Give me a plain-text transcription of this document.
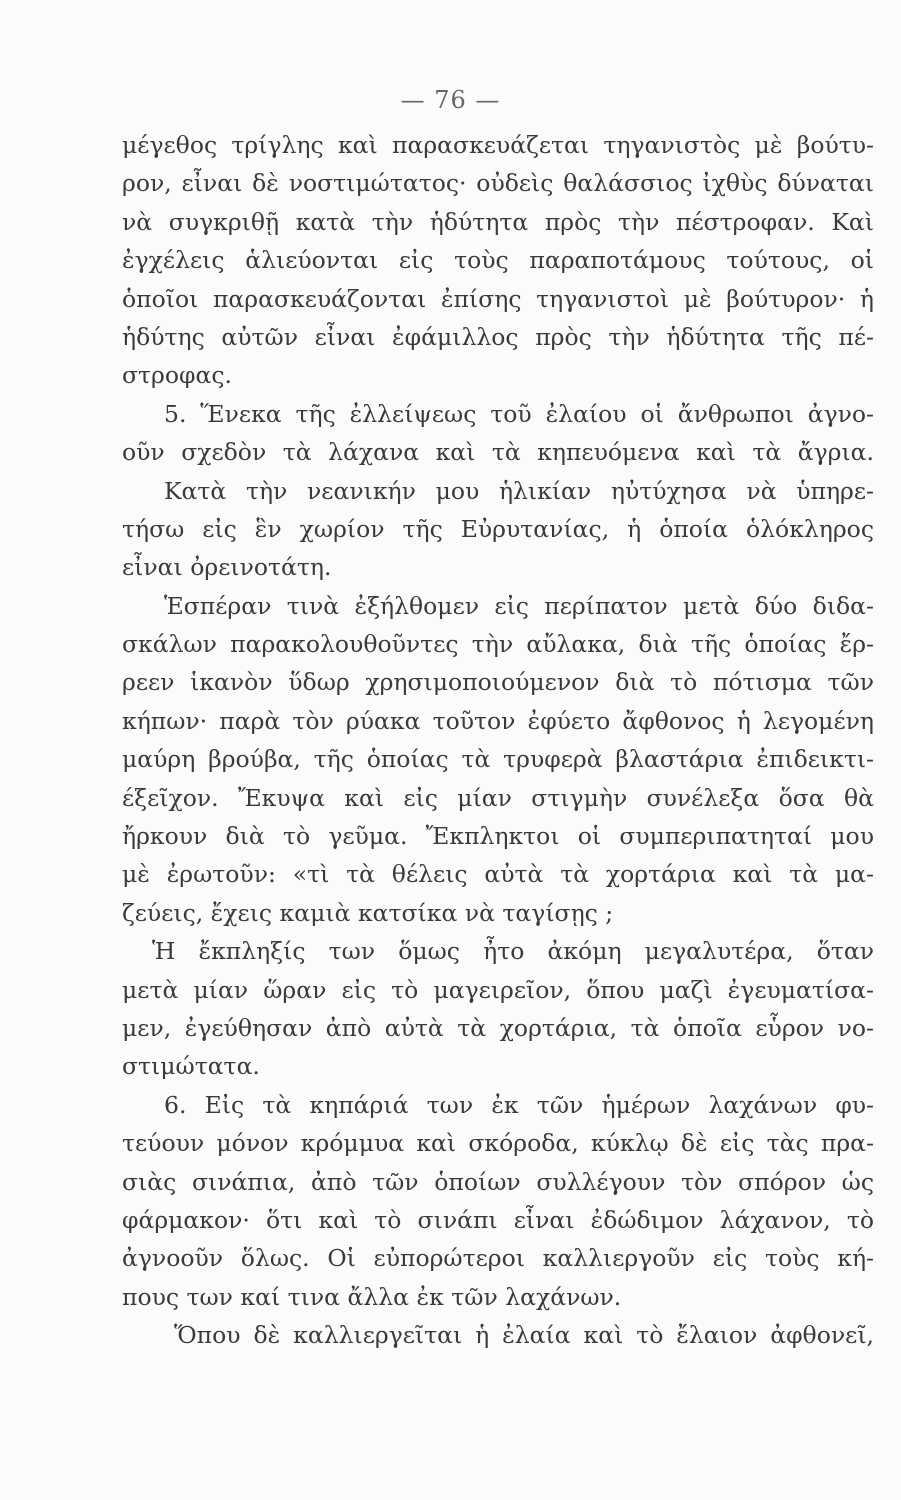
— 76 —
μέγεθος τρίγλης καὶ παρασκευάζεται τηγανιστὸς μὲ βούτυ-
ρον, εἶναι δὲ νοστιμώτατος· οὐδεὶς θαλάσσιος ἰχθὺς δύναται
νὰ συγκριθῇ κατὰ τὴν ἡδύτητα πρὸς τὴν πέστροφαν. Καὶ
ἐγχέλεις ἁλιεύονται εἰς τοὺς παραποτάμους τούτους, οἱ
ὁποῖοι παρασκευάζονται ἐπίσης τηγανιστοὶ μὲ βούτυρον· ἡ
ἡδύτης αὐτῶν εἶναι ἐφάμιλλος πρὸς τὴν ἡδύτητα τῆς πέ-
στροφας.
5. Ἕνεκα τῆς ἐλλείψεως τοῦ ἐλαίου οἱ ἄνθρωποι ἀγνο-
οῦν σχεδὸν τὰ λάχανα καὶ τὰ κηπευόμενα καὶ τὰ ἄγρια.
Κατὰ τὴν νεανικήν μου ἡλικίαν ηὐτύχησα νὰ ὑπηρε-
τήσω εἰς ἓν χωρίον τῆς Εὐρυτανίας, ἡ ὁποία ὁλόκληρος
εἶναι ὀρεινοτάτη.
Ἑσπέραν τινὰ ἐξήλθομεν εἰς περίπατον μετὰ δύο διδα-
σκάλων παρακολουθοῦντες τὴν αὔλακα, διὰ τῆς ὁποίας ἔρ-
ρεεν ἱκανὸν ὕδωρ χρησιμοποιούμενον διὰ τὸ πότισμα τῶν
κήπων· παρὰ τὸν ρύακα τοῦτον ἐφύετο ἄφθονος ἡ λεγομένη
μαύρη βρούβα, τῆς ὁποίας τὰ τρυφερὰ βλαστάρια ἐπιδεικτι-
έξεῖχον. Ἔκυψα καὶ εἰς μίαν στιγμὴν συνέλεξα ὅσα θὰ
ἤρκουν διὰ τὸ γεῦμα. Ἔκπληκτοι οἱ συμπεριπατηταί μου
μὲ ἐρωτοῦν: «τὶ τὰ θέλεις αὐτὰ τὰ χορτάρια καὶ τὰ μα-
ζεύεις, ἔχεις καμιὰ κατσίκα νὰ ταγίσῃς ;
Ἡ ἔκπληξίς των ὅμως ἦτο ἀκόμη μεγαλυτέρα, ὅταν
μετὰ μίαν ὥραν εἰς τὸ μαγειρεῖον, ὅπου μαζὶ ἐγευματίσα-
μεν, ἐγεύθησαν ἀπὸ αὐτὰ τὰ χορτάρια, τὰ ὁποῖα εὗρον νο-
στιμώτατα.
6. Εἰς τὰ κηπάριά των ἐκ τῶν ἡμέρων λαχάνων φυ-
τεύουν μόνον κρόμμυα καὶ σκόροδα, κύκλῳ δὲ εἰς τὰς πρα-
σιὰς σινάπια, ἀπὸ τῶν ὁποίων συλλέγουν τὸν σπόρον ὡς
φάρμακον· ὅτι καὶ τὸ σινάπι εἶναι ἐδώδιμον λάχανον, τὸ
ἀγνοοῦν ὅλως. Οἱ εὐπορώτεροι καλλιεργοῦν εἰς τοὺς κή-
πους των καί τινα ἄλλα ἐκ τῶν λαχάνων.
Ὅπου δὲ καλλιεργεῖται ἡ ἐλαία καὶ τὸ ἔλαιον ἀφθονεῖ,
